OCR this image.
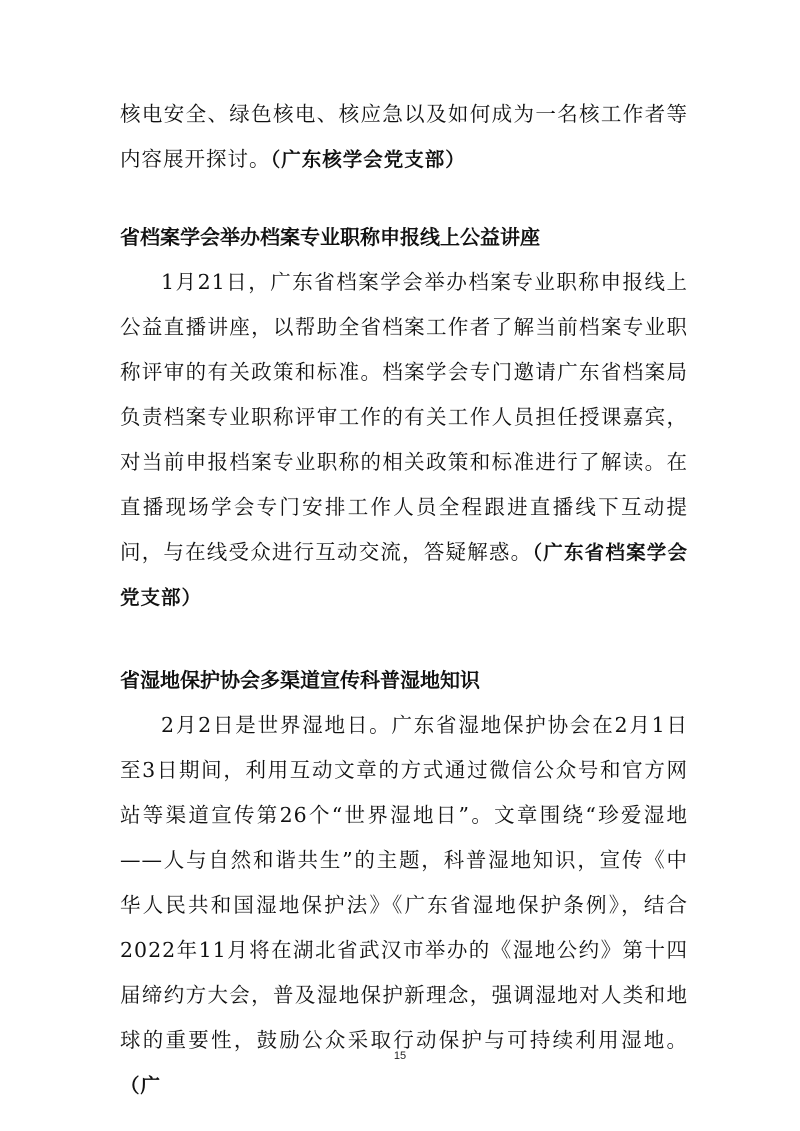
核电安全、绿色核电、核应急以及如何成为一名核工作者等内容展开探讨。（广东核学会党支部）

省档案学会举办档案专业职称申报线上公益讲座

1月21日，广东省档案学会举办档案专业职称申报线上公益直播讲座，以帮助全省档案工作者了解当前档案专业职称评审的有关政策和标准。档案学会专门邀请广东省档案局负责档案专业职称评审工作的有关工作人员担任授课嘉宾，对当前申报档案专业职称的相关政策和标准进行了解读。在直播现场学会专门安排工作人员全程跟进直播线下互动提问，与在线受众进行互动交流，答疑解惑。（广东省档案学会党支部）

省湿地保护协会多渠道宣传科普湿地知识

2月2日是世界湿地日。广东省湿地保护协会在2月1日至3日期间，利用互动文章的方式通过微信公众号和官方网站等渠道宣传第26个“世界湿地日”。文章围绕“珍爱湿地——人与自然和谐共生”的主题，科普湿地知识，宣传《中华人民共和国湿地保护法》《广东省湿地保护条例》，结合2022年11月将在湖北省武汉市举办的《湿地公约》第十四届缔约方大会，普及湿地保护新理念，强调湿地对人类和地球的重要性，鼓励公众采取行动保护与可持续利用湿地。（广

15
